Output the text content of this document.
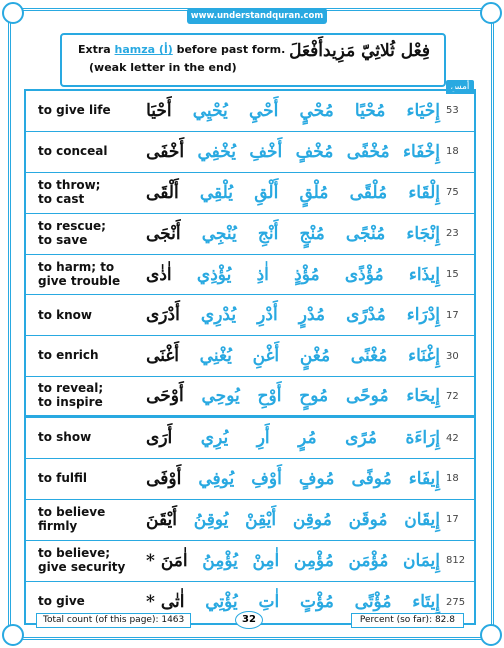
www.understandquran.com
Extra hamza (أ) before past form.
(weak letter in the end)
فِعْل ثُلاثِيّ مَزِيدأَفْعَلَ
أمس
to give life	أَحْيَا يُحْيِي أَحْيِ مُحْيٍ مُحْيًا إِحْيَاء 53
to conceal	أَخْفَى يُخْفِي أَخْفِ مُخْفٍ مُخْفًى إِخْفَاء 18
to throw;
to cast	أَلْقَى يُلْقِي أَلْقِ مُلْقٍ مُلْقًى إِلْقَاء 75
to rescue;
to save	أَنْجَى يُنْجِي أَنْجِ مُنْجٍ مُنْجًى إِنْجَاء 23
to harm; to
give trouble	اٰذٰى يُؤْذِي اٰذِ مُؤْذٍ مُؤْذًى إِيذَاء 15
to know	أَدْرَى يُدْرِي أَدْرِ مُدْرٍ مُدْرًى إِدْرَاء 17
to enrich	أَغْنَى يُغْنِي أَغْنِ مُغْنٍ مُغْنًى إِغْنَاء 30
to reveal;
to inspire	أَوْحَى يُوحِي أَوْحِ مُوحٍ مُوحًى إِيحَاء 72
to show	أَرَى يُرِي أَرِ مُرٍ مُرًى إِرَاءَة 42
to fulfil	أَوْفَى يُوفِي أَوْفِ مُوفٍ مُوفًى إِيفَاء 18
to believe
firmly	أَيْقَنَ يُوقِنُ أَيْقِنْ مُوقِن مُوقَن إِيقَان 17
to believe;
give security	اٰمَنَ * يُؤْمِنُ اٰمِنْ مُؤْمِن مُؤْمَن إِيمَان 812
to give	اٰتٰى * يُؤْتِي اٰتِ مُؤْتٍ مُؤْتًى إِيتَاء 275
Total count (of this page): 1463	32	Percent (so far): 82.8
